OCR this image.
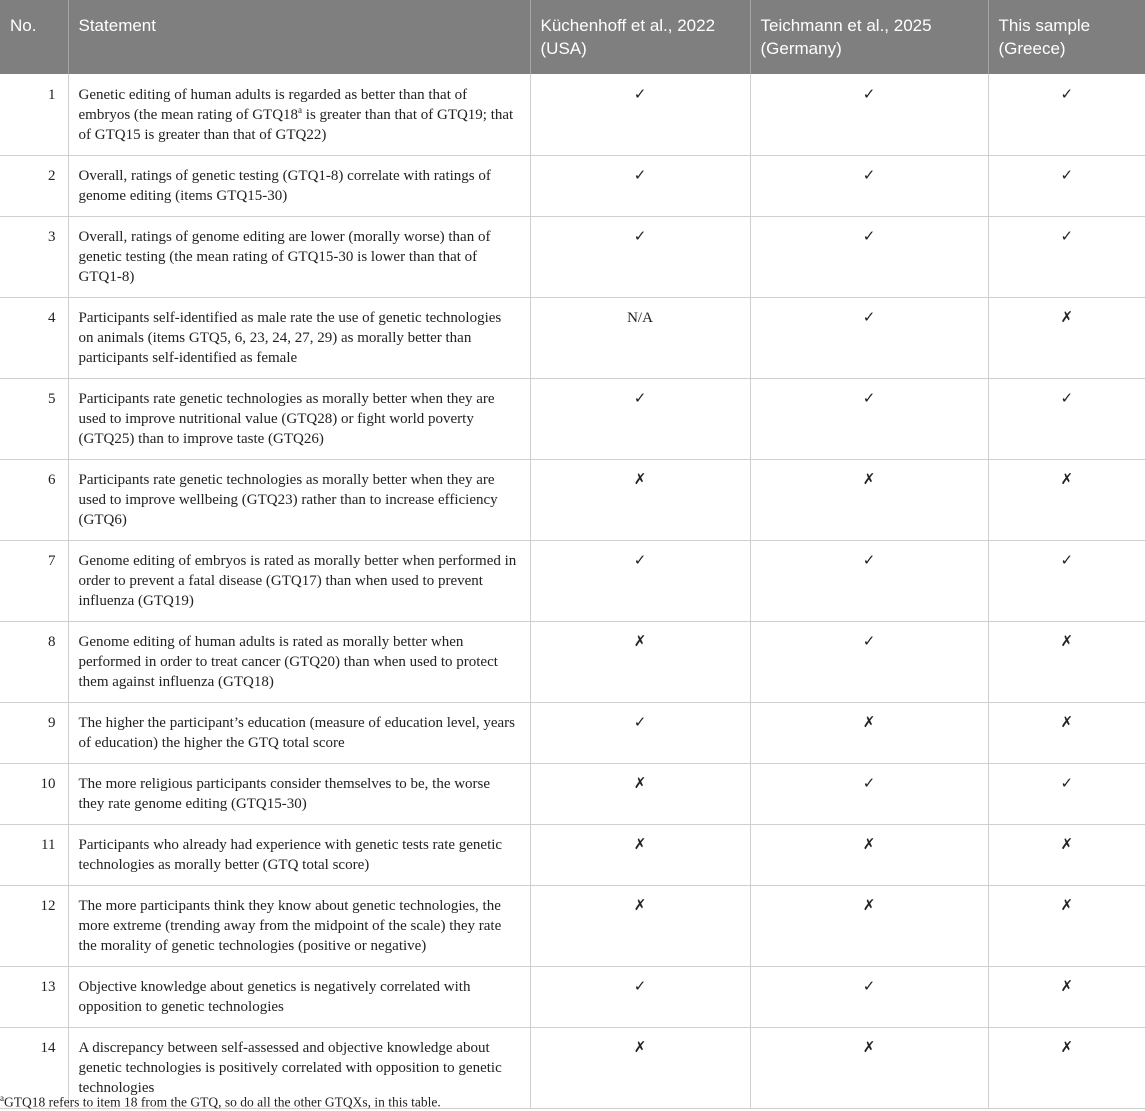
No.	Statement	Küchenhoff et al., 2022 (USA)	Teichmann et al., 2025 (Germany)	This sample (Greece)
1	Genetic editing of human adults is regarded as better than that of embryos (the mean rating of GTQ18$^a$ is greater than that of GTQ19; that of GTQ15 is greater than that of GTQ22)	✓	✓	✓
2	Overall, ratings of genetic testing (GTQ1-8) correlate with ratings of genome editing (items GTQ15-30)	✓	✓	✓
3	Overall, ratings of genome editing are lower (morally worse) than of genetic testing (the mean rating of GTQ15-30 is lower than that of GTQ1-8)	✓	✓	✓
4	Participants self-identified as male rate the use of genetic technologies on animals (items GTQ5, 6, 23, 24, 27, 29) as morally better than participants self-identified as female	N/A	✓	✗
5	Participants rate genetic technologies as morally better when they are used to improve nutritional value (GTQ28) or fight world poverty (GTQ25) than to improve taste (GTQ26)	✓	✓	✓
6	Participants rate genetic technologies as morally better when they are used to improve wellbeing (GTQ23) rather than to increase efficiency (GTQ6)	✗	✗	✗
7	Genome editing of embryos is rated as morally better when performed in order to prevent a fatal disease (GTQ17) than when used to prevent influenza (GTQ19)	✓	✓	✓
8	Genome editing of human adults is rated as morally better when performed in order to treat cancer (GTQ20) than when used to protect them against influenza (GTQ18)	✗	✓	✗
9	The higher the participant’s education (measure of education level, years of education) the higher the GTQ total score	✓	✗	✗
10	The more religious participants consider themselves to be, the worse they rate genome editing (GTQ15-30)	✗	✓	✓
11	Participants who already had experience with genetic tests rate genetic technologies as morally better (GTQ total score)	✗	✗	✗
12	The more participants think they know about genetic technologies, the more extreme (trending away from the midpoint of the scale) they rate the morality of genetic technologies (positive or negative)	✗	✗	✗
13	Objective knowledge about genetics is negatively correlated with opposition to genetic technologies	✓	✓	✗
14	A discrepancy between self-assessed and objective knowledge about genetic technologies is positively correlated with opposition to genetic technologies	✗	✗	✗
$^a$GTQ18 refers to item 18 from the GTQ, so do all the other GTQXs, in this table.
